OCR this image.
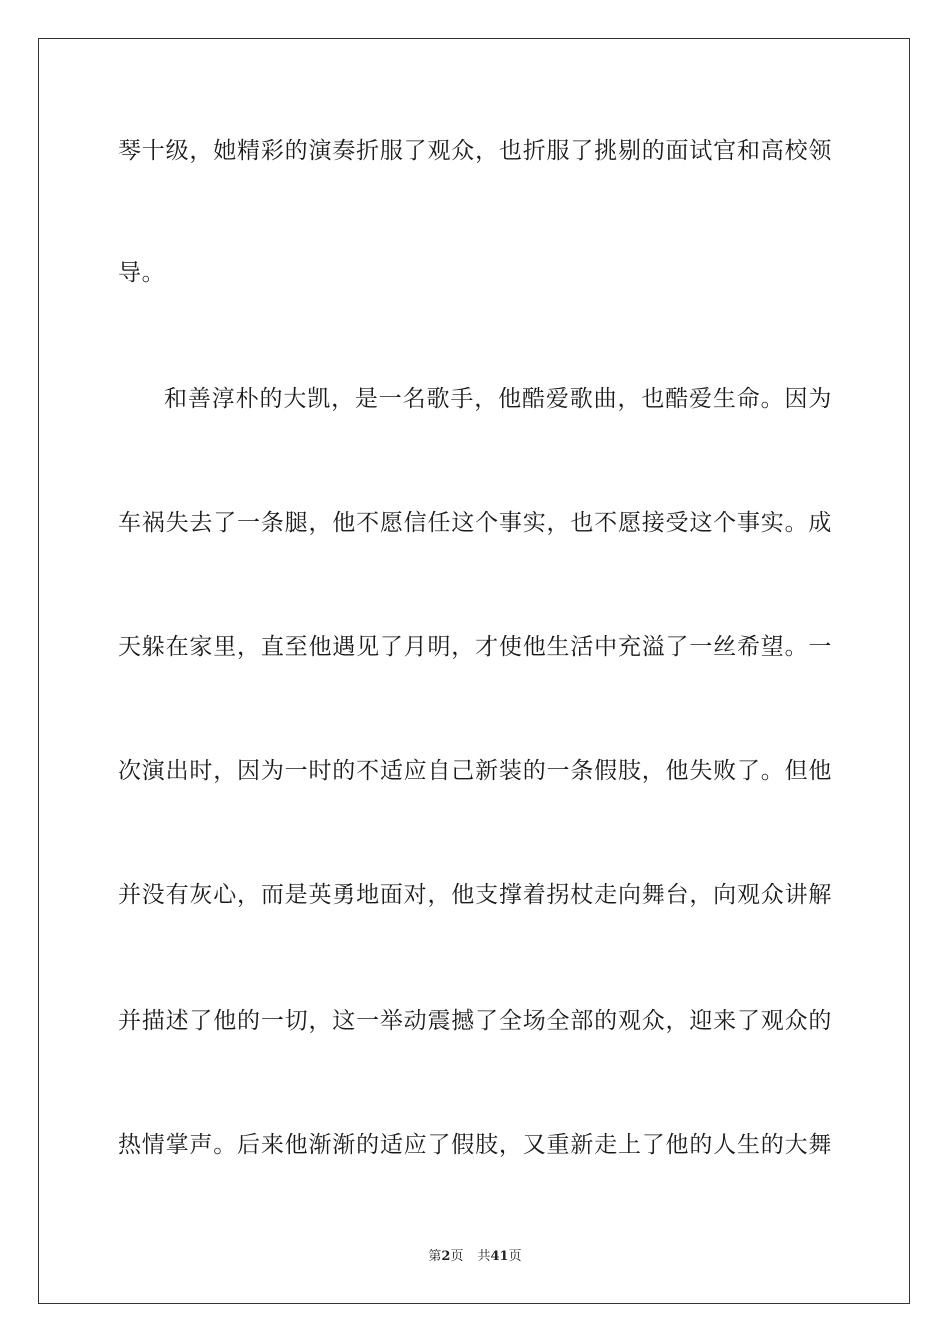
琴十级，她精彩的演奏折服了观众，也折服了挑剔的面试官和高校领
导。
和善淳朴的大凯，是一名歌手，他酷爱歌曲，也酷爱生命。因为
车祸失去了一条腿，他不愿信任这个事实，也不愿接受这个事实。成
天躲在家里，直至他遇见了月明，才使他生活中充溢了一丝希望。一
次演出时，因为一时的不适应自己新装的一条假肢，他失败了。但他
并没有灰心，而是英勇地面对，他支撑着拐杖走向舞台，向观众讲解
并描述了他的一切，这一举动震撼了全场全部的观众，迎来了观众的
热情掌声。后来他渐渐的适应了假肢，又重新走上了他的人生的大舞
第2页 共41页
